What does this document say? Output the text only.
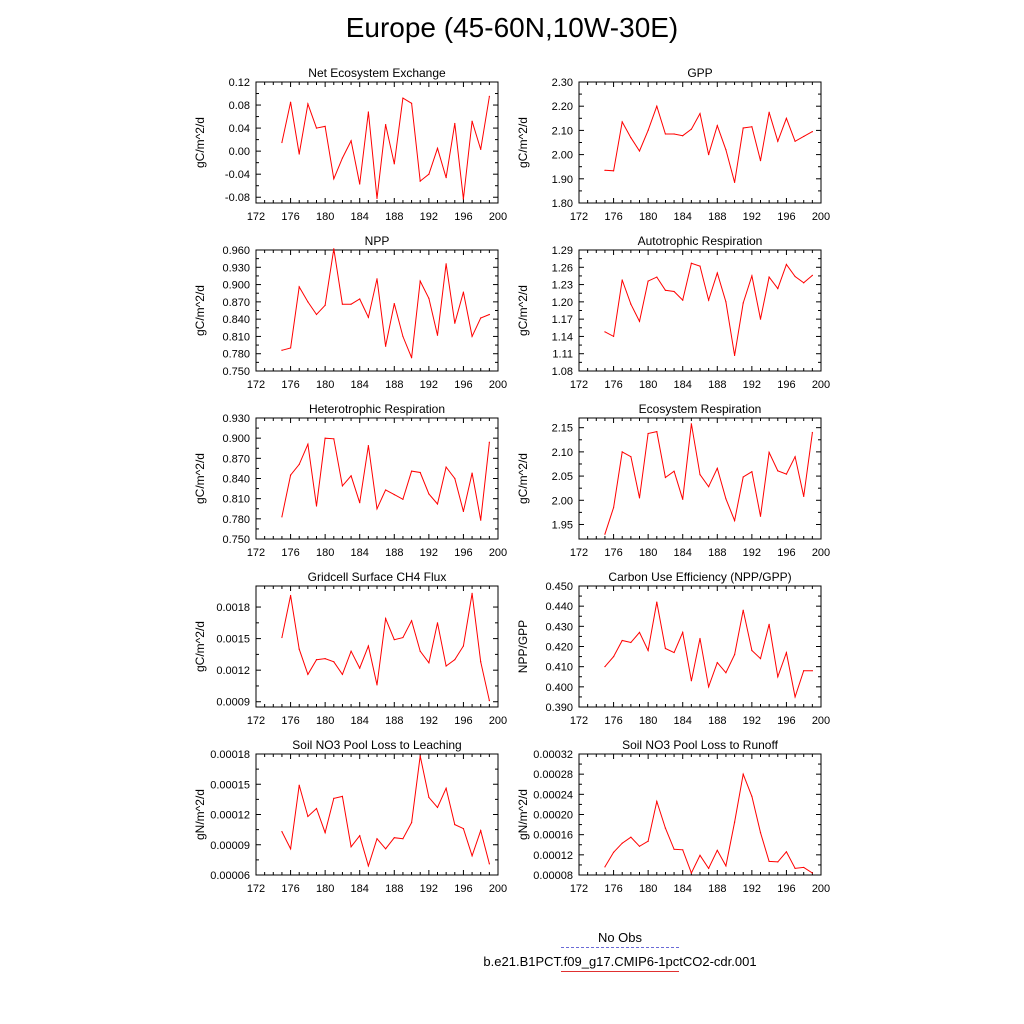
Europe (45-60N,10W-30E)
Net Ecosystem Exchange
gC/m^2/d
172 176 180 184 188 192 196 200
0.12
0.08
0.04
0.00
-0.04
-0.08
GPP
gC/m^2/d
172 176 180 184 188 192 196 200
2.30
2.20
2.10
2.00
1.90
1.80
NPP
gC/m^2/d
172 176 180 184 188 192 196 200
0.960
0.930
0.900
0.870
0.840
0.810
0.780
0.750
Autotrophic Respiration
gC/m^2/d
172 176 180 184 188 192 196 200
1.29
1.26
1.23
1.20
1.17
1.14
1.11
1.08
Heterotrophic Respiration
gC/m^2/d
172 176 180 184 188 192 196 200
0.930
0.900
0.870
0.840
0.810
0.780
0.750
Ecosystem Respiration
gC/m^2/d
172 176 180 184 188 192 196 200
2.15
2.10
2.05
2.00
1.95
Gridcell Surface CH4 Flux
gC/m^2/d
172 176 180 184 188 192 196 200
0.0018
0.0015
0.0012
0.0009
Carbon Use Efficiency (NPP/GPP)
NPP/GPP
172 176 180 184 188 192 196 200
0.450
0.440
0.430
0.420
0.410
0.400
0.390
Soil NO3 Pool Loss to Leaching
gN/m^2/d
172 176 180 184 188 192 196 200
0.00018
0.00015
0.00012
0.00009
0.00006
Soil NO3 Pool Loss to Runoff
gN/m^2/d
172 176 180 184 188 192 196 200
0.00032
0.00028
0.00024
0.00020
0.00016
0.00012
0.00008
No Obs
b.e21.B1PCT.f09_g17.CMIP6-1pctCO2-cdr.001
